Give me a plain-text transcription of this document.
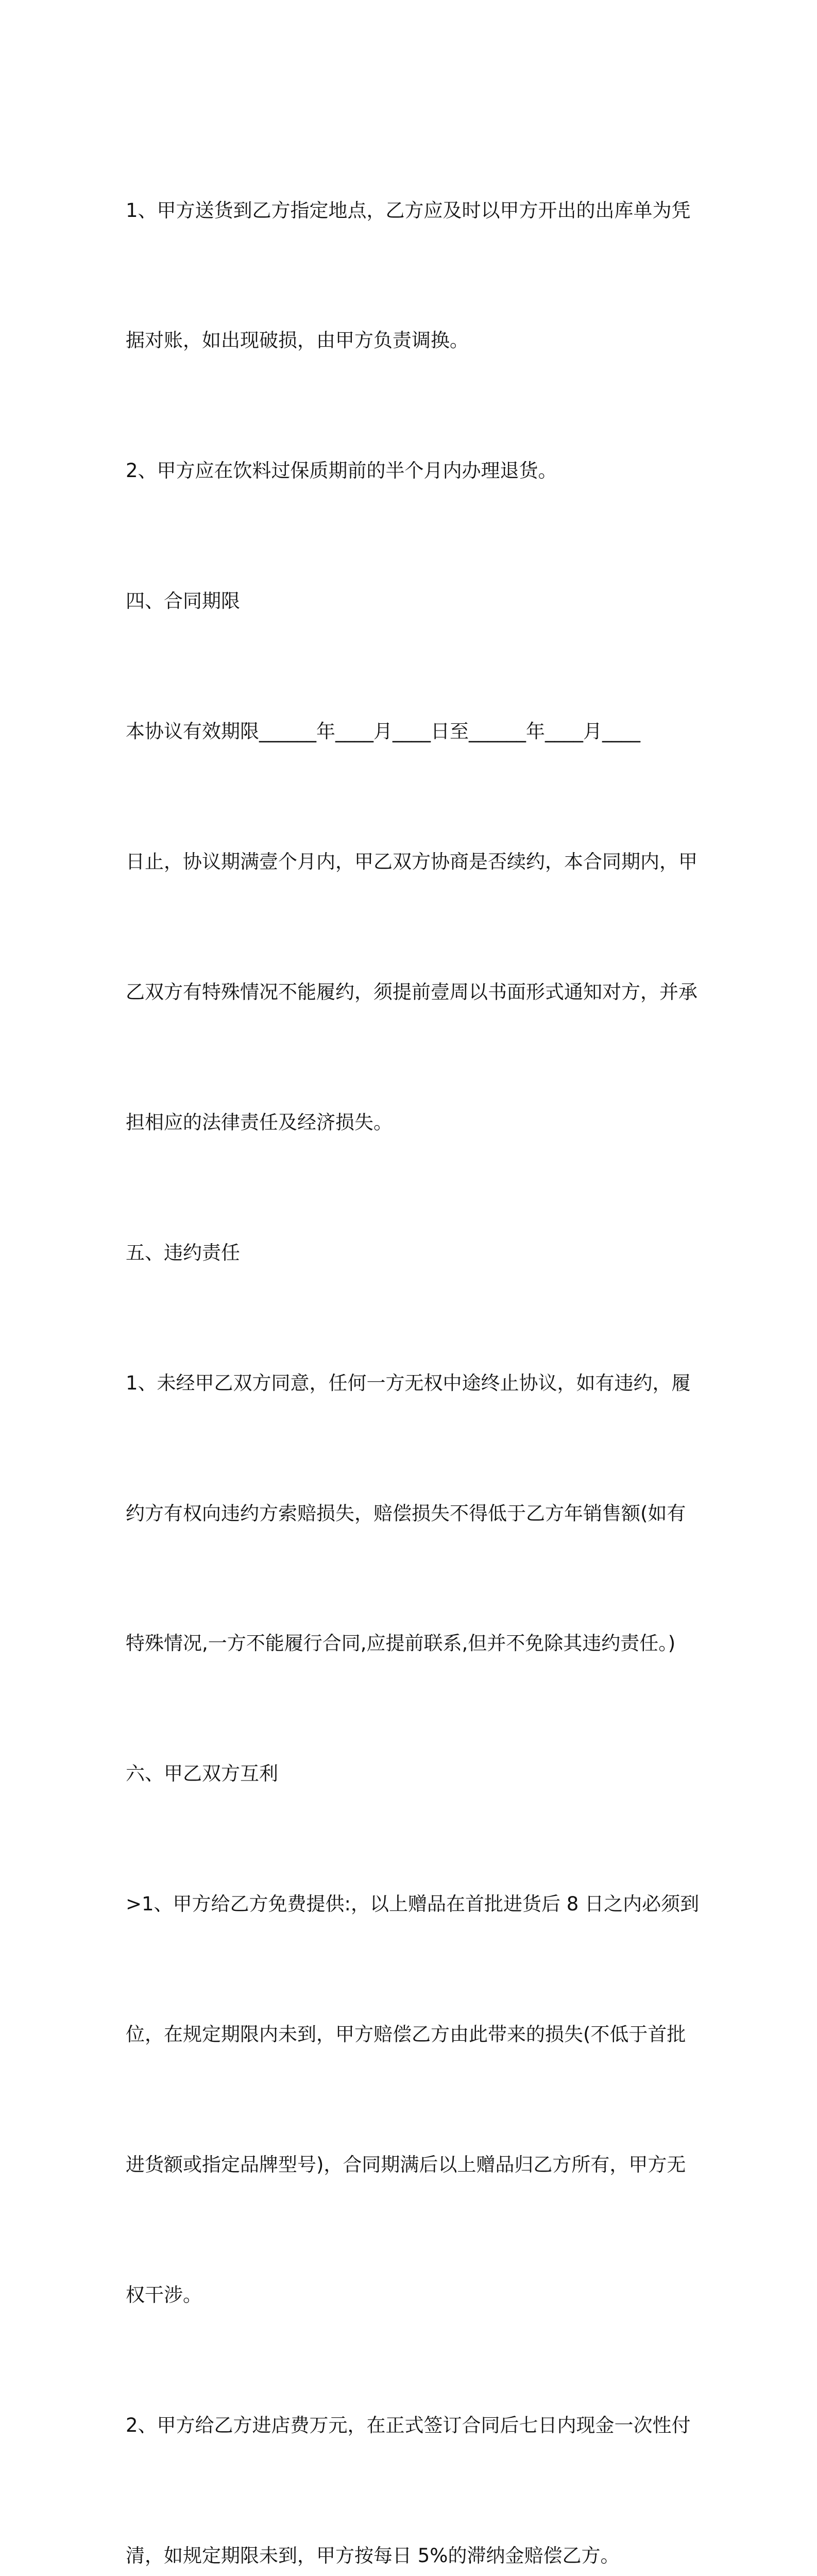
1、甲方送货到乙方指定地点，乙方应及时以甲方开出的出库单为凭

据对账，如出现破损，由甲方负责调换。

2、甲方应在饮料过保质期前的半个月内办理退货。

四、合同期限

本协议有效期限______年____月____日至______年____月____

日止，协议期满壹个月内，甲乙双方协商是否续约，本合同期内，甲

乙双方有特殊情况不能履约，须提前壹周以书面形式通知对方，并承

担相应的法律责任及经济损失。

五、违约责任

1、未经甲乙双方同意，任何一方无权中途终止协议，如有违约，履

约方有权向违约方索赔损失，赔偿损失不得低于乙方年销售额(如有

特殊情况,一方不能履行合同,应提前联系,但并不免除其违约责任。)

六、甲乙双方互利

>1、甲方给乙方免费提供:，以上赠品在首批进货后 8 日之内必须到

位，在规定期限内未到，甲方赔偿乙方由此带来的损失(不低于首批

进货额或指定品牌型号)，合同期满后以上赠品归乙方所有，甲方无

权干涉。

2、甲方给乙方进店费万元，在正式签订合同后七日内现金一次性付

清，如规定期限未到，甲方按每日 5%的滞纳金赔偿乙方。
